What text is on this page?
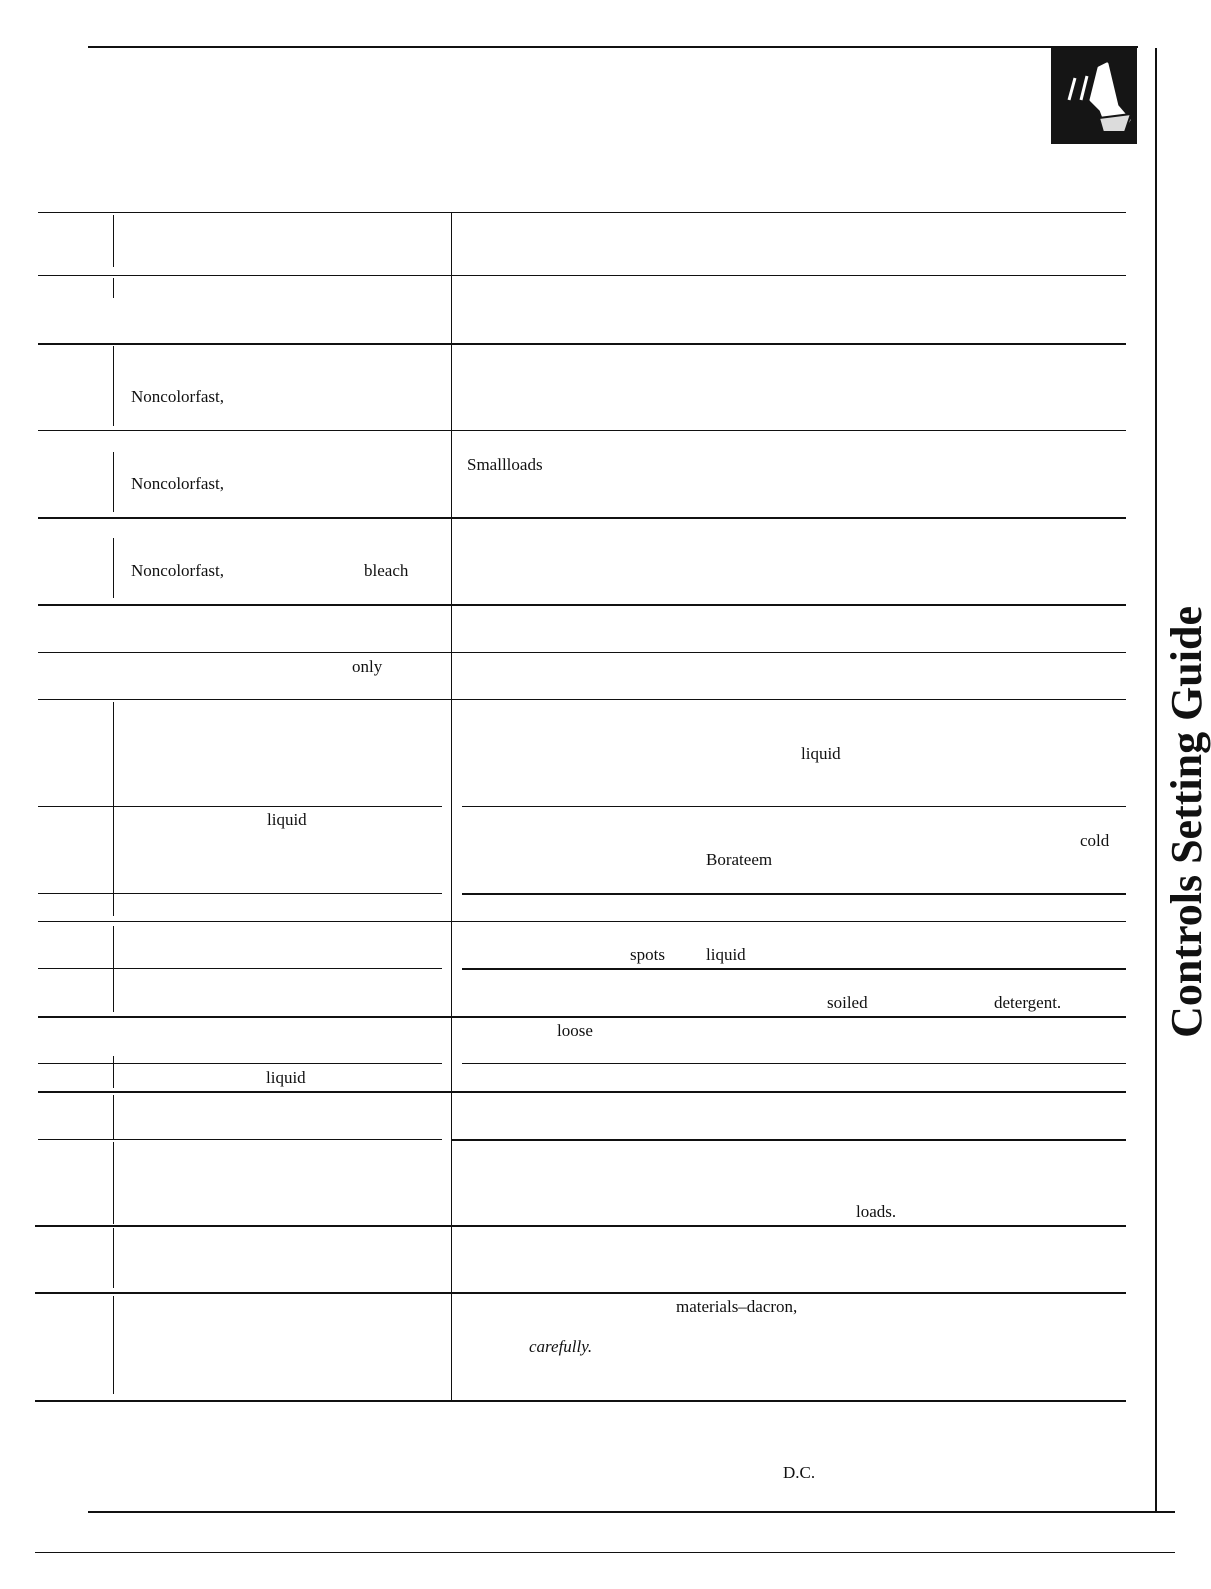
Controls Setting Guide
Noncolorfast,
Noncolorfast,
Smallloads
Noncolorfast,	bleach
only
liquid
liquid
cold
Borateem
spots liquid
soiled	detergent.
loose
liquid
loads.
materials–dacron,
carefully.
D.C.
